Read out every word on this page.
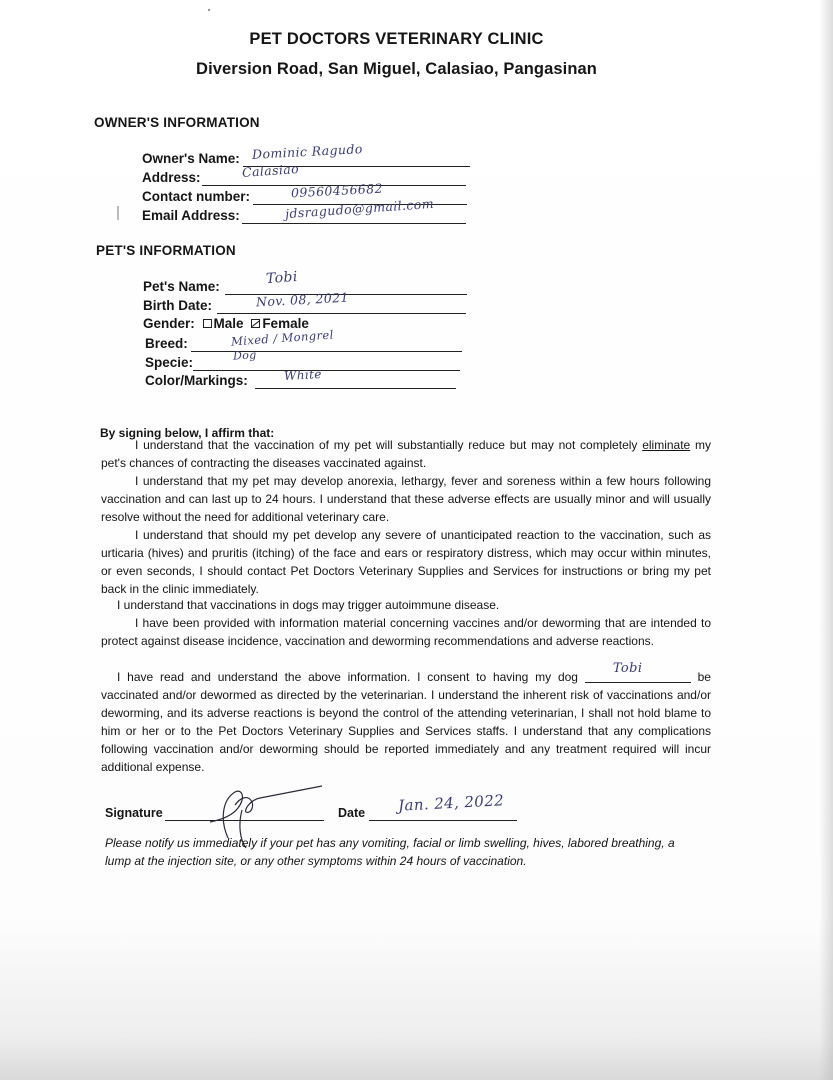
PET DOCTORS VETERINARY CLINIC
Diversion Road, San Miguel, Calasiao, Pangasinan
OWNER'S INFORMATION
Owner's Name: Dominic Ragudo
Address:	Calasiao
Contact number:	09560456682
Email Address:	jdsragudo@gmail.com
PET'S INFORMATION
Pet's Name:	Tobi
Birth Date:	Nov. 08, 2021
Gender: Male Female
Breed:	Mixed / Mongrel
Specie:	Dog
Color/Markings:	White
By signing below, I affirm that:

I understand that the vaccination of my pet will substantially reduce but may not completely eliminate my pet's chances of contracting the diseases vaccinated against.

I understand that my pet may develop anorexia, lethargy, fever and soreness within a few hours following vaccination and can last up to 24 hours. I understand that these adverse effects are usually minor and will usually resolve without the need for additional veterinary care.

I understand that should my pet develop any severe of unanticipated reaction to the vaccination, such as urticaria (hives) and pruritis (itching) of the face and ears or respiratory distress, which may occur within minutes, or even seconds, I should contact Pet Doctors Veterinary Supplies and Services for instructions or bring my pet back in the clinic immediately.

I understand that vaccinations in dogs may trigger autoimmune disease.

I have been provided with information material concerning vaccines and/or deworming that are intended to protect against disease incidence, vaccination and deworming recommendations and adverse reactions.

I have read and understand the above information. I consent to having my dog
Tobi
be vaccinated and/or dewormed as directed by the veterinarian. I understand the inherent risk of vaccinations and/or deworming, and its adverse reactions is beyond the control of the attending veterinarian, I shall not hold blame to him or her or to the Pet Doctors Veterinary Supplies and Services staffs. I understand that any complications following vaccination and/or deworming should be reported immediately and any treatment required will incur additional expense.

Signature	Date Jan. 24, 2022

Please notify us immediately if your pet has any vomiting, facial or limb swelling, hives, labored breathing, a lump at the injection site, or any other symptoms within 24 hours of vaccination.
